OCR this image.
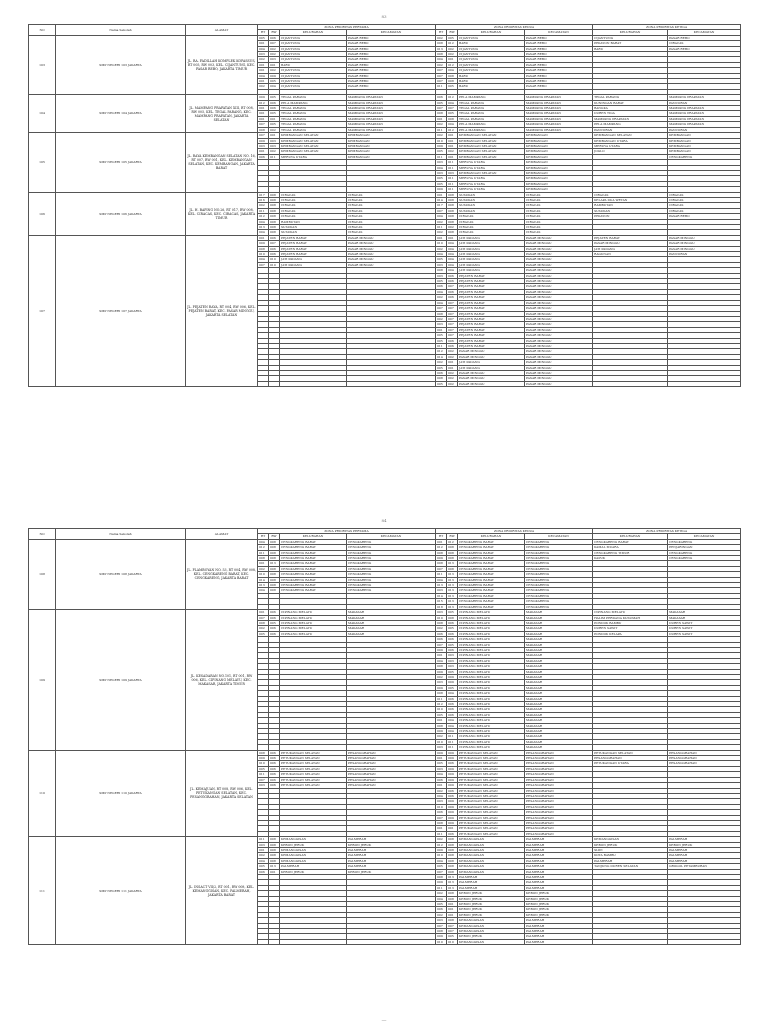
83
NO	Nama Sekolah	ALAMAT	ZONA PRIORITAS PERTAMA				ZONA PRIORITAS KEDUA				ZONA PRIORITAS KETIGA	
			RT	RW	KELURAHAN	KECAMATAN	RT	RW	KELURAHAN	KECAMATAN	KELURAHAN	KECAMATAN
103	SMP NEGERI 103 JAKARTA	JL. RA. FADILLAH KOMPLEK KOPASSUS, RT 005, RW 003, KEL. CIJANTUNG, KEC. PASAR REBO, JAKARTA TIMUR	005	006	CIJANTUNG	PASAR REBO	002	005	CIJANTUNG	PASAR REBO	CIJANTUNG	PASAR REBO
			001	007	CIJANTUNG	PASAR REBO	008	012	BARU	PASAR REBO	PEKAYON BARAT	CIRACAS
			004	002	CIJANTUNG	PASAR REBO	013	002	CIJANTUNG	PASAR REBO	BARU	PASAR REBO
			003	002	CIJANTUNG	PASAR REBO	008	002	CIJANTUNG	PASAR REBO		
			002	003	CIJANTUNG	PASAR REBO	004	001	CIJANTUNG	PASAR REBO		
			001	001	BARU	PASAR REBO	002	012	CIJANTUNG	PASAR REBO		
			001	002	CIJANTUNG	PASAR REBO	007	004	CIJANTUNG	PASAR REBO		
			004	009	CIJANTUNG	PASAR REBO	007	008	BARU	PASAR REBO		
			001	005	CIJANTUNG	PASAR REBO	007	008	BARU	PASAR REBO		
			002	004	CIJANTUNG	PASAR REBO	011	005	BARU	PASAR REBO		

104	SMP NEGERI 104 JAKARTA	JL. MAMPANG PRAPATAN XIII, RT 008, RW 005, KEL. TEGAL PARANG, KEC. MAMPANG PRAPATAN, JAKARTA SELATAN	009	005	TEGAL PARANG	MAMPANG PRAPATAN	006	012	PELA MAMPANG	MAMPANG PRAPATAN	TEGAL PARANG	MAMPANG PRAPATAN
			012	006	PELA MAMPANG	MAMPANG PRAPATAN	005	004	TEGAL PARANG	MAMPANG PRAPATAN	KUNINGAN BARAT	PANCORAN
			001	006	TEGAL PARANG	MAMPANG PRAPATAN	007	007	TEGAL PARANG	MAMPANG PRAPATAN	BANGKA	MAMPANG PRAPATAN
			001	005	TEGAL PARANG	MAMPANG PRAPATAN	008	005	TEGAL PARANG	MAMPANG PRAPATAN	DUREN TIGA	MAMPANG PRAPATAN
			001	001	TEGAL PARANG	MAMPANG PRAPATAN	001	008	TEGAL PARANG	MAMPANG PRAPATAN	MAMPANG PRAPATAN	MAMPANG PRAPATAN
			007	005	TEGAL PARANG	MAMPANG PRAPATAN	002	004	PELA MAMPANG	MAMPANG PRAPATAN	PELA MAMPANG	MAMPANG PRAPATAN
			008	002	TEGAL PARANG	MAMPANG PRAPATAN	011	012	PELA MAMPANG	MAMPANG PRAPATAN	PANCORAN	PANCORAN
105	SMP NEGERI 105 JAKARTA	JL. RAYA KEMBANGAN SELATAN NO. 16, RT 007, RW 001, KEL. KEMBANGAN SELATAN, KEC. KEMBANGAN, JAKARTA BARAT	007	001	KEMBANGAN SELATAN	KEMBANGAN	002	001	KEMBANGAN SELATAN	KEMBANGAN	KEMBANGAN SELATAN	KEMBANGAN
			009	003	KEMBANGAN SELATAN	KEMBANGAN	010	001	KEMBANGAN SELATAN	KEMBANGAN	KEMBANGAN UTARA	KEMBANGAN
			003	003	KEMBANGAN SELATAN	KEMBANGAN	009	001	KEMBANGAN SELATAN	KEMBANGAN	MERUYA UTARA	KEMBANGAN
			001	002	KEMBANGAN SELATAN	KEMBANGAN	005	002	KEMBANGAN SELATAN	KEMBANGAN	JOGLO	KEMBANGAN
			006	011	MERUYA UTARA	KEMBANGAN	011	001	KEMBANGAN SELATAN	KEMBANGAN		CENGKARENG
							003	011	MERUYA UTARA	KEMBANGAN		
							004	011	MERUYA UTARA	KEMBANGAN		
							003	003	KEMBANGAN SELATAN	KEMBANGAN		
							005	011	MERUYA UTARA	KEMBANGAN		
							005	011	MERUYA UTARA	KEMBANGAN		
							009	011	MERUYA UTARA	KEMBANGAN		
106	SMP NEGERI 106 JAKARTA	JL. H. BAPING NO.26, RT 017, RW 008, KEL. CIRACAS, KEC. CIRACAS, JAKARTA TIMUR	017	008	CIRACAS	CIRACAS	001	008	SUSUKAN	CIRACAS	CIRACAS	CIRACAS
			016	008	CIRACAS	CIRACAS	014	008	SUSUKAN	CIRACAS	KELAPA DUA WETAN	CIRACAS
			002	008	CIRACAS	CIRACAS	017	008	SUSUKAN	CIRACAS	RAMBUTAN	CIRACAS
			011	008	CIRACAS	CIRACAS	007	008	SUSUKAN	CIRACAS	SUSUKAN	CIRACAS
			012	008	CIRACAS	CIRACAS	004	008	CIRACAS	CIRACAS	PEKAYON	PASAR REBO
			004	008	RAMBUTAN	CIRACAS	002	008	CIRACAS	CIRACAS		
			013	008	SUSUKAN	CIRACAS	011	002	CIRACAS	CIRACAS		
			004	008	SUSUKAN	CIRACAS	002	008	CIRACAS	CIRACAS		
107	SMP NEGERI 107 JAKARTA	JL. PEJATEN RAYA, RT 004, RW 006, KEL. PEJATEN BARAT, KEC. PASAR MINGGU, JAKARTA SELATAN	001	006	PEJATEN BARAT	PASAR MINGGU	001	001	JATI PADANG	PASAR MINGGU	PEJATEN BARAT	PASAR MINGGU
			009	007	PEJATEN BARAT	PASAR MINGGU	010	004	JATI PADANG	PASAR MINGGU	PASAR MINGGU	PASAR MINGGU
			008	006	PEJATEN BARAT	PASAR MINGGU	002	004	JATI PADANG	PASAR MINGGU	JATI PADANG	PASAR MINGGU
			010	006	PEJATEN BARAT	PASAR MINGGU	004	004	JATI PADANG	PASAR MINGGU	RAGUNAN	PANCORAN
			004	010	JATI PADANG	PASAR MINGGU	005	004	JATI PADANG	PASAR MINGGU		
			007	010	JATI PADANG	PASAR MINGGU	003	004	JATI PADANG	PASAR MINGGU		
							008	004	JATI PADANG	PASAR MINGGU		
							003	006	PEJATEN BARAT	PASAR MINGGU		
							005	006	PEJATEN BARAT	PASAR MINGGU		
							006	007	PEJATEN BARAT	PASAR MINGGU		
							004	006	PEJATEN BARAT	PASAR MINGGU		
							002	006	PEJATEN BARAT	PASAR MINGGU		
							004	007	PEJATEN BARAT	PASAR MINGGU		
							007	007	PEJATEN BARAT	PASAR MINGGU		
							008	007	PEJATEN BARAT	PASAR MINGGU		
							002	007	PEJATEN BARAT	PASAR MINGGU		
							003	007	PEJATEN BARAT	PASAR MINGGU		
							001	007	PEJATEN BARAT	PASAR MINGGU		
							005	007	PEJATEN BARAT	PASAR MINGGU		
							005	006	PEJATEN BARAT	PASAR MINGGU		
							011	006	PEJATEN BARAT	PASAR MINGGU		
							012	002	PASAR MINGGU	PASAR MINGGU		
							014	002	PASAR MINGGU	PASAR MINGGU		
							002	001	JATI PADANG	PASAR MINGGU		
							005	001	JATI PADANG	PASAR MINGGU		
							006	002	PASAR MINGGU	PASAR MINGGU		
							008	002	PASAR MINGGU	PASAR MINGGU		
							005	002	PASAR MINGGU	PASAR MINGGU		
84
NO	Nama Sekolah	ALAMAT	ZONA PRIORITAS PERTAMA				ZONA PRIORITAS KEDUA				ZONA PRIORITAS KETIGA	
			RT	RW	KELURAHAN	KECAMATAN	RT	RW	KELURAHAN	KECAMATAN	KELURAHAN	KECAMATAN
108	SMP NEGERI 108 JAKARTA	JL. PLAMBOYAN NO. 53, RT 004, RW 008, KEL. CENGKARENG BARAT, KEC. CENGKARENG, JAKARTA BARAT	004	008	CENGKARENG BARAT	CENGKARENG	001	012	CENGKARENG BARAT	CENGKARENG	CENGKARENG BARAT	CENGKARENG
			012	008	CENGKARENG BARAT	CENGKARENG	012	008	CENGKARENG BARAT	CENGKARENG	KAMAL MUARA	PENJARINGAN
			011	008	CENGKARENG BARAT	CENGKARENG	008	008	CENGKARENG BARAT	CENGKARENG	CENGKARENG TIMUR	CENGKARENG
			008	008	CENGKARENG BARAT	CENGKARENG	009	008	CENGKARENG BARAT	CENGKARENG	KAPUK	CENGKARENG
			001	013	CENGKARENG BARAT	CENGKARENG	008	013	CENGKARENG BARAT	CENGKARENG		
			002	008	CENGKARENG BARAT	CENGKARENG	007	008	CENGKARENG BARAT	CENGKARENG		
			010	008	CENGKARENG BARAT	CENGKARENG	011	013	CENGKARENG BARAT	CENGKARENG		
			014	008	CENGKARENG BARAT	CENGKARENG	004	013	CENGKARENG BARAT	CENGKARENG		
			013	008	CENGKARENG BARAT	CENGKARENG	013	013	CENGKARENG BARAT	CENGKARENG		
			004	008	CENGKARENG BARAT	CENGKARENG	003	013	CENGKARENG BARAT	CENGKARENG		
							014	013	CENGKARENG BARAT	CENGKARENG		
							015	013	CENGKARENG BARAT	CENGKARENG		
							018	013	CENGKARENG BARAT	CENGKARENG		
109	SMP NEGERI 109 JAKARTA	JL. KESADARAN NO.101, RT 001, RW 006, KEL. CIPINANG MELAYU, KEC. MAKASAR, JAKARTA TIMUR	001	006	CIPINANG MELAYU	MAKASAR	003	005	CIPINANG MELAYU	MAKASAR	CIPINANG MELAYU	MAKASAR
			007	006	CIPINANG MELAYU	MAKASAR	010	008	CIPINANG MELAYU	MAKASAR	HALIM PERDANA KUSUMAH	MAKASAR
			008	005	CIPINANG MELAYU	MAKASAR	008	006	CIPINANG MELAYU	MAKASAR	PONDOK BAMBU	DUREN SAWIT
			002	006	CIPINANG MELAYU	MAKASAR	002	005	CIPINANG MELAYU	MAKASAR	DUREN SAWIT	DUREN SAWIT
			005	006	CIPINANG MELAYU	MAKASAR	006	006	CIPINANG MELAYU	MAKASAR	PONDOK KELAPA	DUREN SAWIT
							006	006	CIPINANG MELAYU	MAKASAR		
							007	005	CIPINANG MELAYU	MAKASAR		
							009	006	CIPINANG MELAYU	MAKASAR		
							001	003	CIPINANG MELAYU	MAKASAR		
							004	003	CIPINANG MELAYU	MAKASAR		
							008	003	CIPINANG MELAYU	MAKASAR		
							009	005	CIPINANG MELAYU	MAKASAR		
							002	009	CIPINANG MELAYU	MAKASAR		
							003	009	CIPINANG MELAYU	MAKASAR		
							009	005	CIPINANG MELAYU	MAKASAR		
							008	004	CIPINANG MELAYU	MAKASAR		
							011	006	CIPINANG MELAYU	MAKASAR		
							012	006	CIPINANG MELAYU	MAKASAR		
							010	006	CIPINANG MELAYU	MAKASAR		
							005	006	CIPINANG MELAYU	MAKASAR		
							001	004	CIPINANG MELAYU	MAKASAR		
							008	004	CIPINANG MELAYU	MAKASAR		
							009	004	CIPINANG MELAYU	MAKASAR		
							002	011	CIPINANG MELAYU	MAKASAR		
							010	011	CIPINANG MELAYU	MAKASAR		
							003	011	CIPINANG MELAYU	MAKASAR		
110	SMP NEGERI 110 JAKARTA	JL. KEMAJUAN, RT 008, RW 006, KEL. PETUKANGAN SELATAN, KEC. PESANGGRAHAN, JAKARTA SELATAN	008	006	PETUKANGAN SELATAN	PESANGGRAHAN	009	009	PETUKANGAN SELATAN	PESANGGRAHAN	PETUKANGAN SELATAN	PESANGGRAHAN
			009	006	PETUKANGAN SELATAN	PESANGGRAHAN	001	009	PETUKANGAN SELATAN	PESANGGRAHAN	PESANGGRAHAN	PESANGGRAHAN
			010	006	PETUKANGAN SELATAN	PESANGGRAHAN	005	006	PETUKANGAN SELATAN	PESANGGRAHAN	PETUKANGAN UTARA	PESANGGRAHAN
			005	006	PETUKANGAN SELATAN	PESANGGRAHAN	003	009	PETUKANGAN SELATAN	PESANGGRAHAN		
			011	006	PETUKANGAN SELATAN	PESANGGRAHAN	004	009	PETUKANGAN SELATAN	PESANGGRAHAN		
			007	006	PETUKANGAN SELATAN	PESANGGRAHAN	006	009	PETUKANGAN SELATAN	PESANGGRAHAN		
			003	006	PETUKANGAN SELATAN	PESANGGRAHAN	001	009	PETUKANGAN SELATAN	PESANGGRAHAN		
							002	006	PETUKANGAN SELATAN	PESANGGRAHAN		
							004	006	PETUKANGAN SELATAN	PESANGGRAHAN		
							003	009	PETUKANGAN SELATAN	PESANGGRAHAN		
							010	009	PETUKANGAN SELATAN	PESANGGRAHAN		
							006	009	PETUKANGAN SELATAN	PESANGGRAHAN		
							007	009	PETUKANGAN SELATAN	PESANGGRAHAN		
							008	009	PETUKANGAN SELATAN	PESANGGRAHAN		
							001	001	PETUKANGAN SELATAN	PESANGGRAHAN		
							011	006	PETUKANGAN SELATAN	PESANGGRAHAN		
111	SMP NEGERI 111 JAKARTA	JL. INSACT VII/2, RT 001, RW 008, KEL. KEMANGGISAN, KEC. PALMERAH, JAKARTA BARAT	011	008	KEMANGGISAN	PALMERAH	002	008	KEMANGGISAN	PALMERAH	KEMANGGISAN	PALMERAH
			003	008	KEBON JERUK	KEBON JERUK	012	008	KEMANGGISAN	PALMERAH	KEBON JERUK	KEBON JERUK
			001	008	KEMANGGISAN	PALMERAH	009	008	KEMANGGISAN	PALMERAH	SLIPI	PALMERAH
			002	008	KEMANGGISAN	PALMERAH	010	008	KEMANGGISAN	PALMERAH	KOTA BAMBU	PALMERAH
			004	008	KEMANGGISAN	PALMERAH	004	008	KEMANGGISAN	PALMERAH	PALMERAH	PALMERAH
			005	013	PALMERAH	PALMERAH	005	008	KEMANGGISAN	PALMERAH	TANJUNG DUREN SELATAN	GROGOL PETAMBURAN
			006	001	KEBON JERUK	KEBON JERUK	007	008	KEMANGGISAN	PALMERAH		
							008	013	PALMERAH	PALMERAH		
							009	013	PALMERAH	PALMERAH		
							011	013	PALMERAH	PALMERAH		
							002	008	KEBON JERUK	KEBON JERUK		
							004	008	KEBON JERUK	KEBON JERUK		
							005	001	KEBON JERUK	KEBON JERUK		
							006	001	KEBON JERUK	KEBON JERUK		
							002	001	KEBON JERUK	KEBON JERUK		
							003	008	KEMANGGISAN	PALMERAH		
							007	007	KEMANGGISAN	PALMERAH		
							008	007	KEMANGGISAN	PALMERAH		
							009	005	KEBON JERUK	PALMERAH		
							010	010	KEMANGGISAN	PALMERAH		
—
